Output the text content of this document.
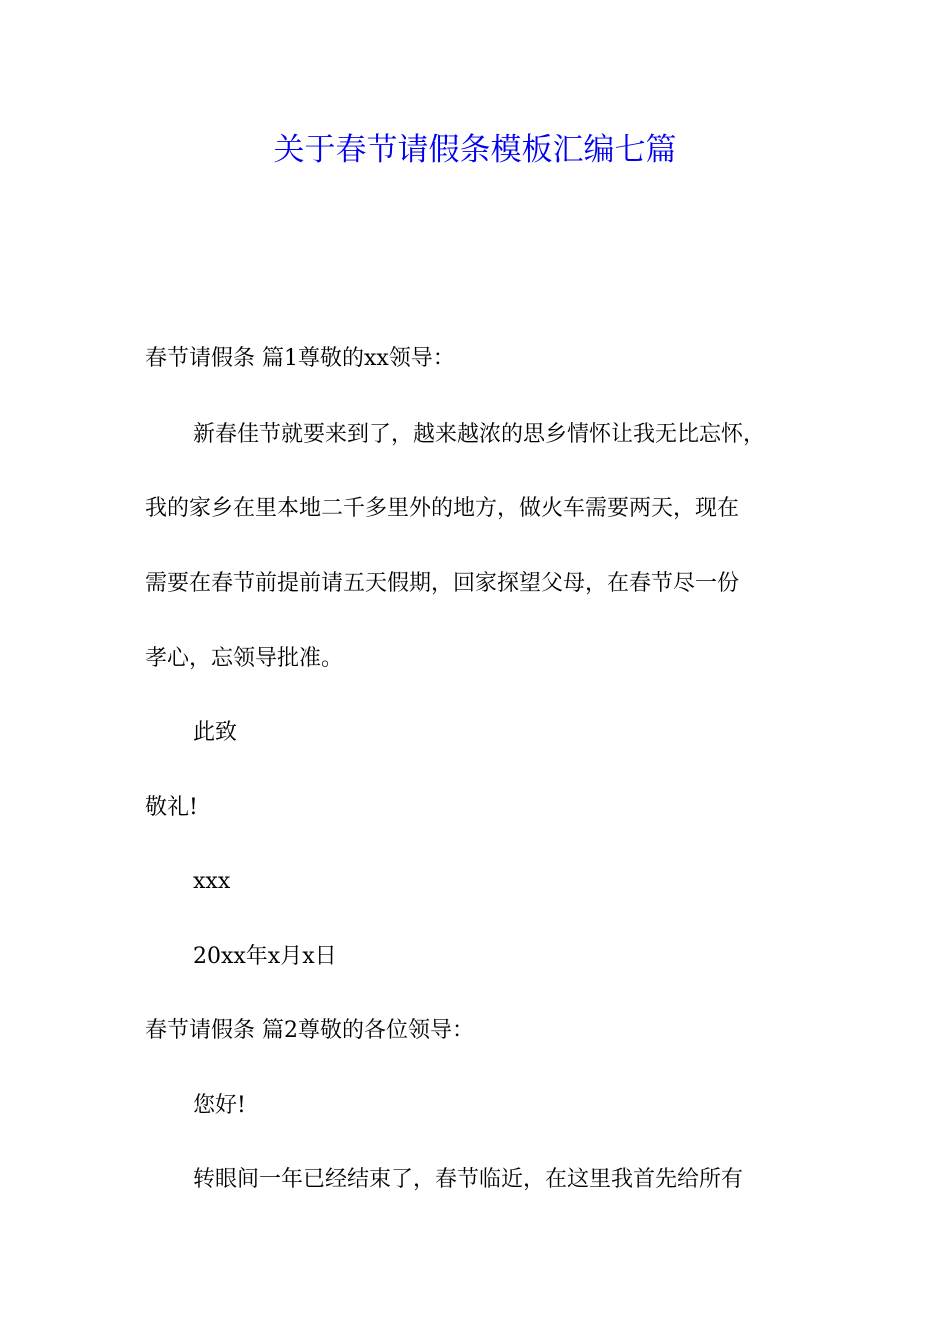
关于春节请假条模板汇编七篇
春节请假条 篇1尊敬的xx领导：
新春佳节就要来到了，越来越浓的思乡情怀让我无比忘怀，
我的家乡在里本地二千多里外的地方，做火车需要两天，现在
需要在春节前提前请五天假期，回家探望父母，在春节尽一份
孝心，忘领导批准。
此致
敬礼!
xxx
20xx年x月x日
春节请假条 篇2尊敬的各位领导：
您好!
转眼间一年已经结束了，春节临近，在这里我首先给所有
